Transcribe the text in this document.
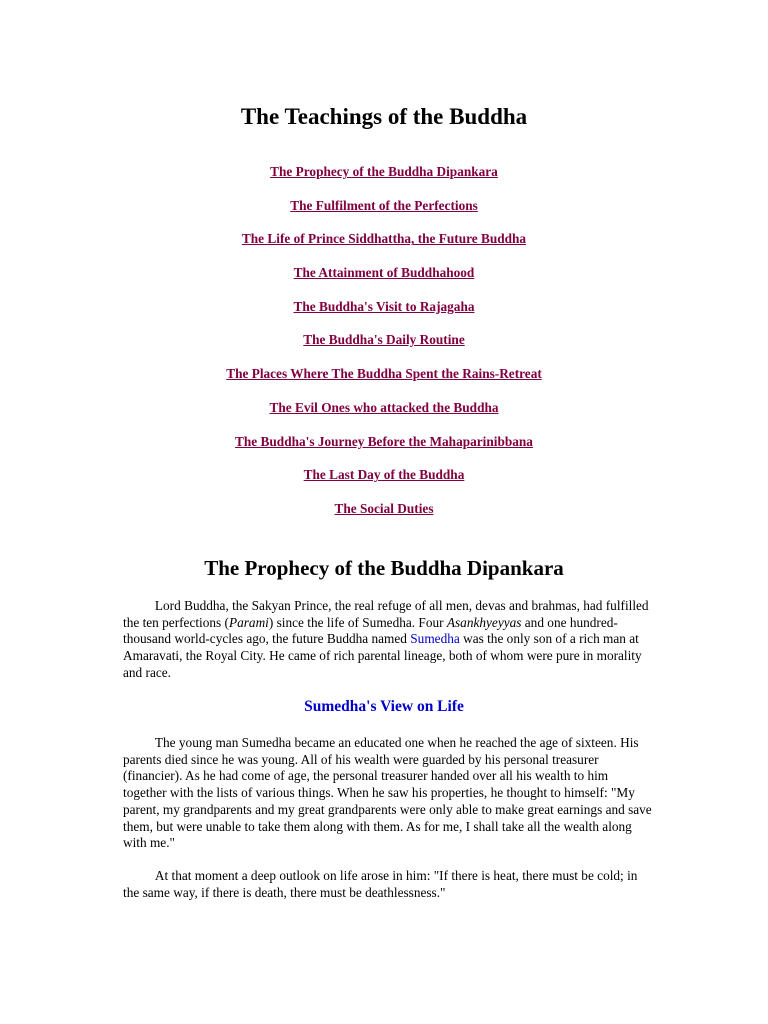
The Teachings of the Buddha
The Prophecy of the Buddha Dipankara
The Fulfilment of the Perfections
The Life of Prince Siddhattha, the Future Buddha
The Attainment of Buddhahood
The Buddha's Visit to Rajagaha
The Buddha's Daily Routine
The Places Where The Buddha Spent the Rains-Retreat
The Evil Ones who attacked the Buddha
The Buddha's Journey Before the Mahaparinibbana
The Last Day of the Buddha
The Social Duties
The Prophecy of the Buddha Dipankara

Lord Buddha, the Sakyan Prince, the real refuge of all men, devas and brahmas, had fulfilled the ten perfections (Parami) since the life of Sumedha. Four Asankhyeyyas and one hundred-thousand world-cycles ago, the future Buddha named Sumedha was the only son of a rich man at Amaravati, the Royal City. He came of rich parental lineage, both of whom were pure in morality and race.

Sumedha's View on Life

The young man Sumedha became an educated one when he reached the age of sixteen. His parents died since he was young. All of his wealth were guarded by his personal treasurer (financier). As he had come of age, the personal treasurer handed over all his wealth to him together with the lists of various things. When he saw his properties, he thought to himself: "My parent, my grandparents and my great grandparents were only able to make great earnings and save them, but were unable to take them along with them. As for me, I shall take all the wealth along with me."

At that moment a deep outlook on life arose in him: "If there is heat, there must be cold; in the same way, if there is death, there must be deathlessness."
